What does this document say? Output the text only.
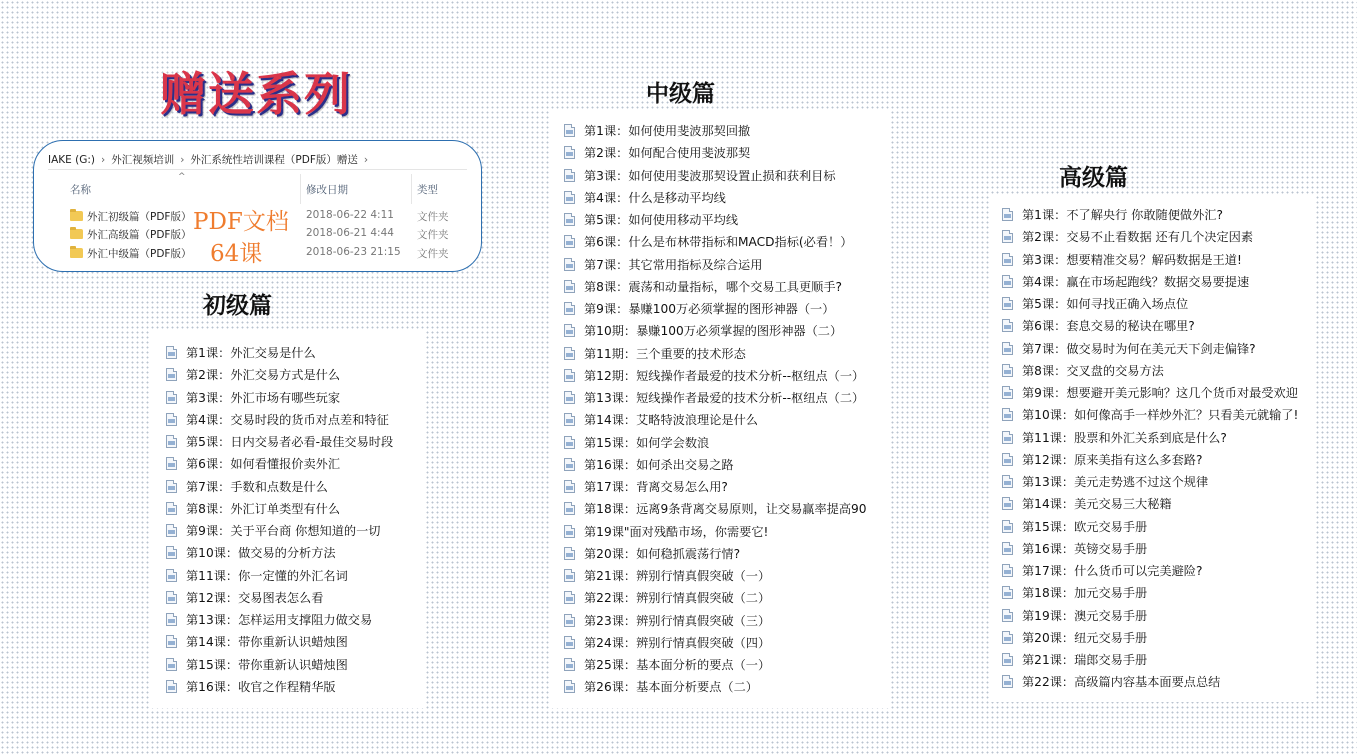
赠送系列
IAKE (G:) › 外汇视频培训 › 外汇系统性培训课程（PDF版）赠送 ›
^
名称	修改日期	类型
外汇初级篇（PDF版）	2018-06-22 4:11 文件夹
外汇高级篇（PDF版）	2018-06-21 4:44 文件夹
外汇中级篇（PDF版）	2018-06-23 21:15 文件夹
PDF文档
64课
初级篇
第1课：外汇交易是什么
第2课：外汇交易方式是什么
第3课：外汇市场有哪些玩家
第4课：交易时段的货币对点差和特征
第5课：日内交易者必看-最佳交易时段
第6课：如何看懂报价卖外汇
第7课：手数和点数是什么
第8课：外汇订单类型有什么
第9课：关于平台商 你想知道的一切
第10课：做交易的分析方法
第11课：你一定懂的外汇名词
第12课：交易图表怎么看
第13课：怎样运用支撑阻力做交易
第14课：带你重新认识蜡烛图
第15课：带你重新认识蜡烛图
第16课：收官之作程精华版
中级篇
第1课：如何使用斐波那契回撤
第2课：如何配合使用斐波那契
第3课：如何使用斐波那契设置止损和获利目标
第4课：什么是移动平均线
第5课：如何使用移动平均线
第6课：什么是布林带指标和MACD指标(必看！）
第7课：其它常用指标及综合运用
第8课：震荡和动量指标，哪个交易工具更顺手?
第9课：暴赚100万必须掌握的图形神器（一）
第10期：暴赚100万必须掌握的图形神器（二）
第11期：三个重要的技术形态
第12期：短线操作者最爱的技术分析--枢纽点（一）
第13课：短线操作者最爱的技术分析--枢纽点（二）
第14课：艾略特波浪理论是什么
第15课：如何学会数浪
第16课：如何杀出交易之路
第17课：背离交易怎么用?
第18课：远离9条背离交易原则，让交易赢率提高90
第19课"面对残酷市场，你需要它!
第20课：如何稳抓震荡行情?
第21课：辨别行情真假突破（一）
第22课：辨别行情真假突破（二）
第23课：辨别行情真假突破（三）
第24课：辨别行情真假突破（四）
第25课：基本面分析的要点（一）
第26课：基本面分析要点（二）
高级篇
第1课：不了解央行 你敢随便做外汇?
第2课：交易不止看数据 还有几个决定因素
第3课：想要精准交易？解码数据是王道!
第4课：赢在市场起跑线？数据交易要提速
第5课：如何寻找正确入场点位
第6课：套息交易的秘诀在哪里?
第7课：做交易时为何在美元天下剑走偏锋?
第8课：交叉盘的交易方法
第9课：想要避开美元影响？这几个货币对最受欢迎
第10课：如何像高手一样炒外汇？只看美元就输了!
第11课：股票和外汇关系到底是什么?
第12课：原来美指有这么多套路?
第13课：美元走势逃不过这个规律
第14课：美元交易三大秘籍
第15课：欧元交易手册
第16课：英镑交易手册
第17课：什么货币可以完美避险?
第18课：加元交易手册
第19课：澳元交易手册
第20课：纽元交易手册
第21课：瑞郎交易手册
第22课：高级篇内容基本面要点总结
